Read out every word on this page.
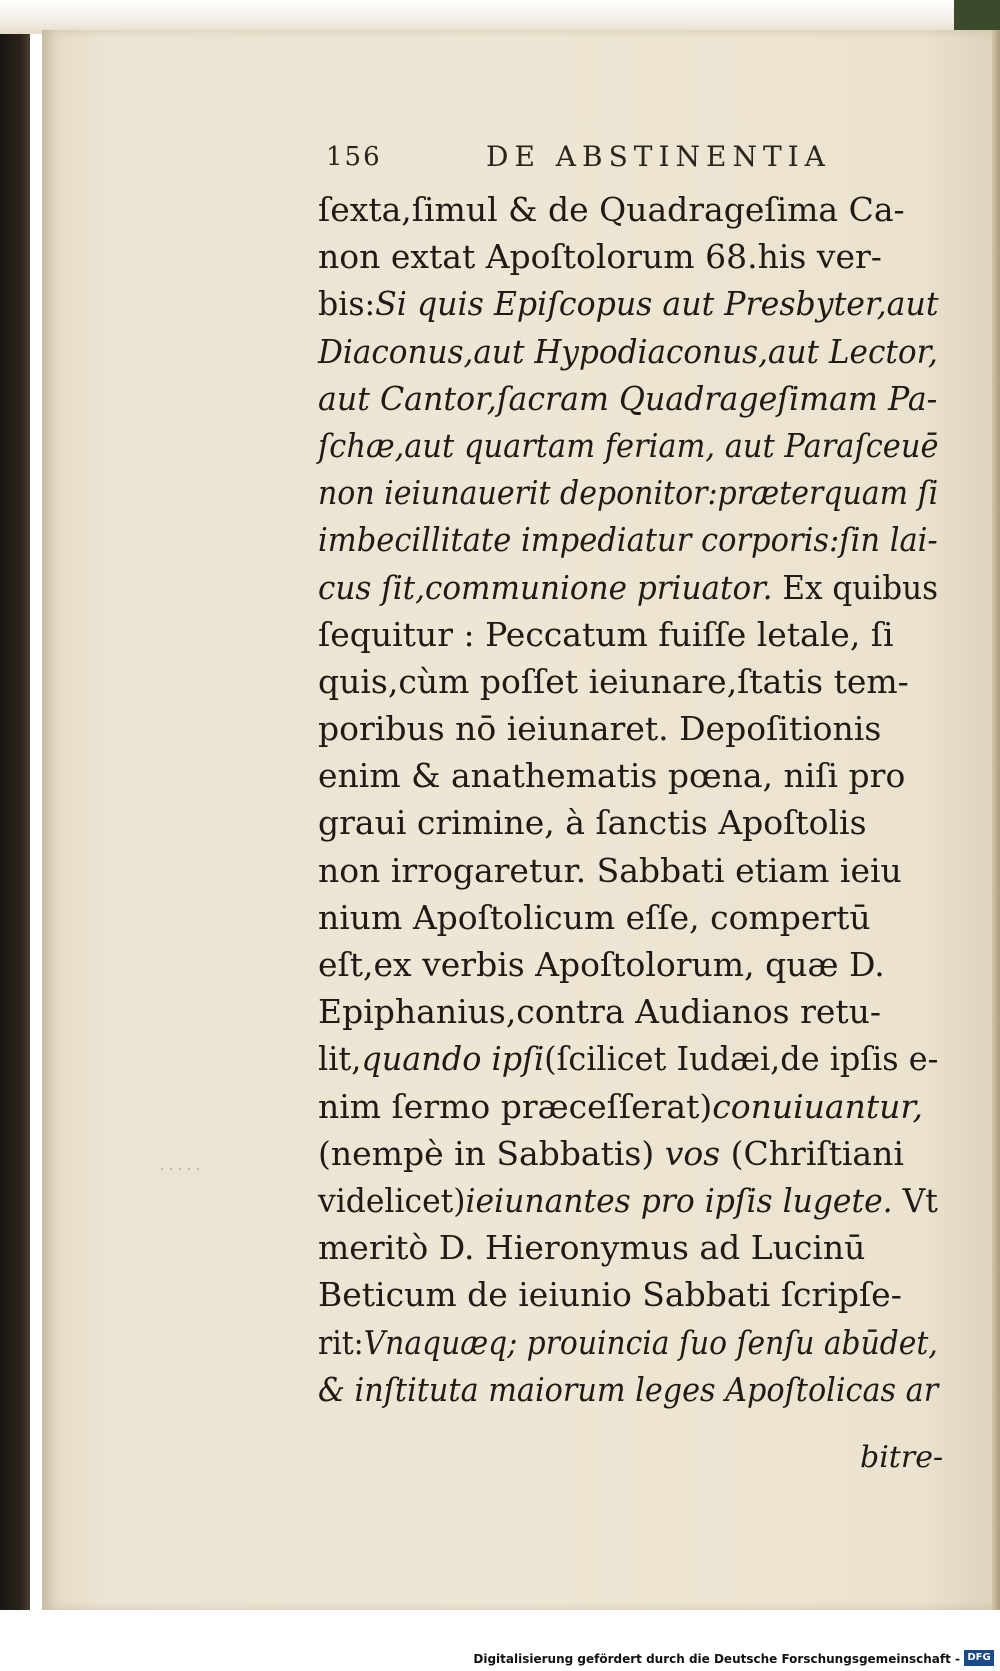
156	DE ABSTINENTIA
ſexta,ſimul & de Quadrageſima Ca-
non extat Apoſtolorum 68.his ver-
bis:Si quis Epiſcopus aut Presbyter,aut
Diaconus,aut Hypodiaconus,aut Lector,
aut Cantor,ſacram Quadrageſimam Pa-
ſchæ,aut quartam feriam, aut Paraſceuē
non ieiunauerit deponitor:præterquam ſi
imbecillitate impediatur corporis:ſin lai-
cus ſit,communione priuator. Ex quibus
ſequitur : Peccatum fuiſſe letale, ſi
quis,cùm poſſet ieiunare,ſtatis tem-
poribus nō ieiunaret. Depoſitionis
enim & anathematis pœna, niſi pro
graui crimine, à ſanctis Apoſtolis
non irrogaretur. Sabbati etiam ieiu
nium Apoſtolicum eſſe, compertū
eſt,ex verbis Apoſtolorum, quæ D.
Epiphanius,contra Audianos retu-
lit,quando ipſi(ſcilicet Iudæi,de ipſis e-
nim ſermo præceſſerat)conuiuantur,
(nempè in Sabbatis) vos (Chriſtiani
videlicet)ieiunantes pro ipſis lugete. Vt
meritò D. Hieronymus ad Lucinū
Beticum de ieiunio Sabbati ſcripſe-
rit:Vnaquæq; prouincia ſuo ſenſu abūdet,
& inſtituta maiorum leges Apoſtolicas ar
· · · · ·
bitre-
Digitalisierung gefördert durch die Deutsche Forschungsgemeinschaft - DFG
